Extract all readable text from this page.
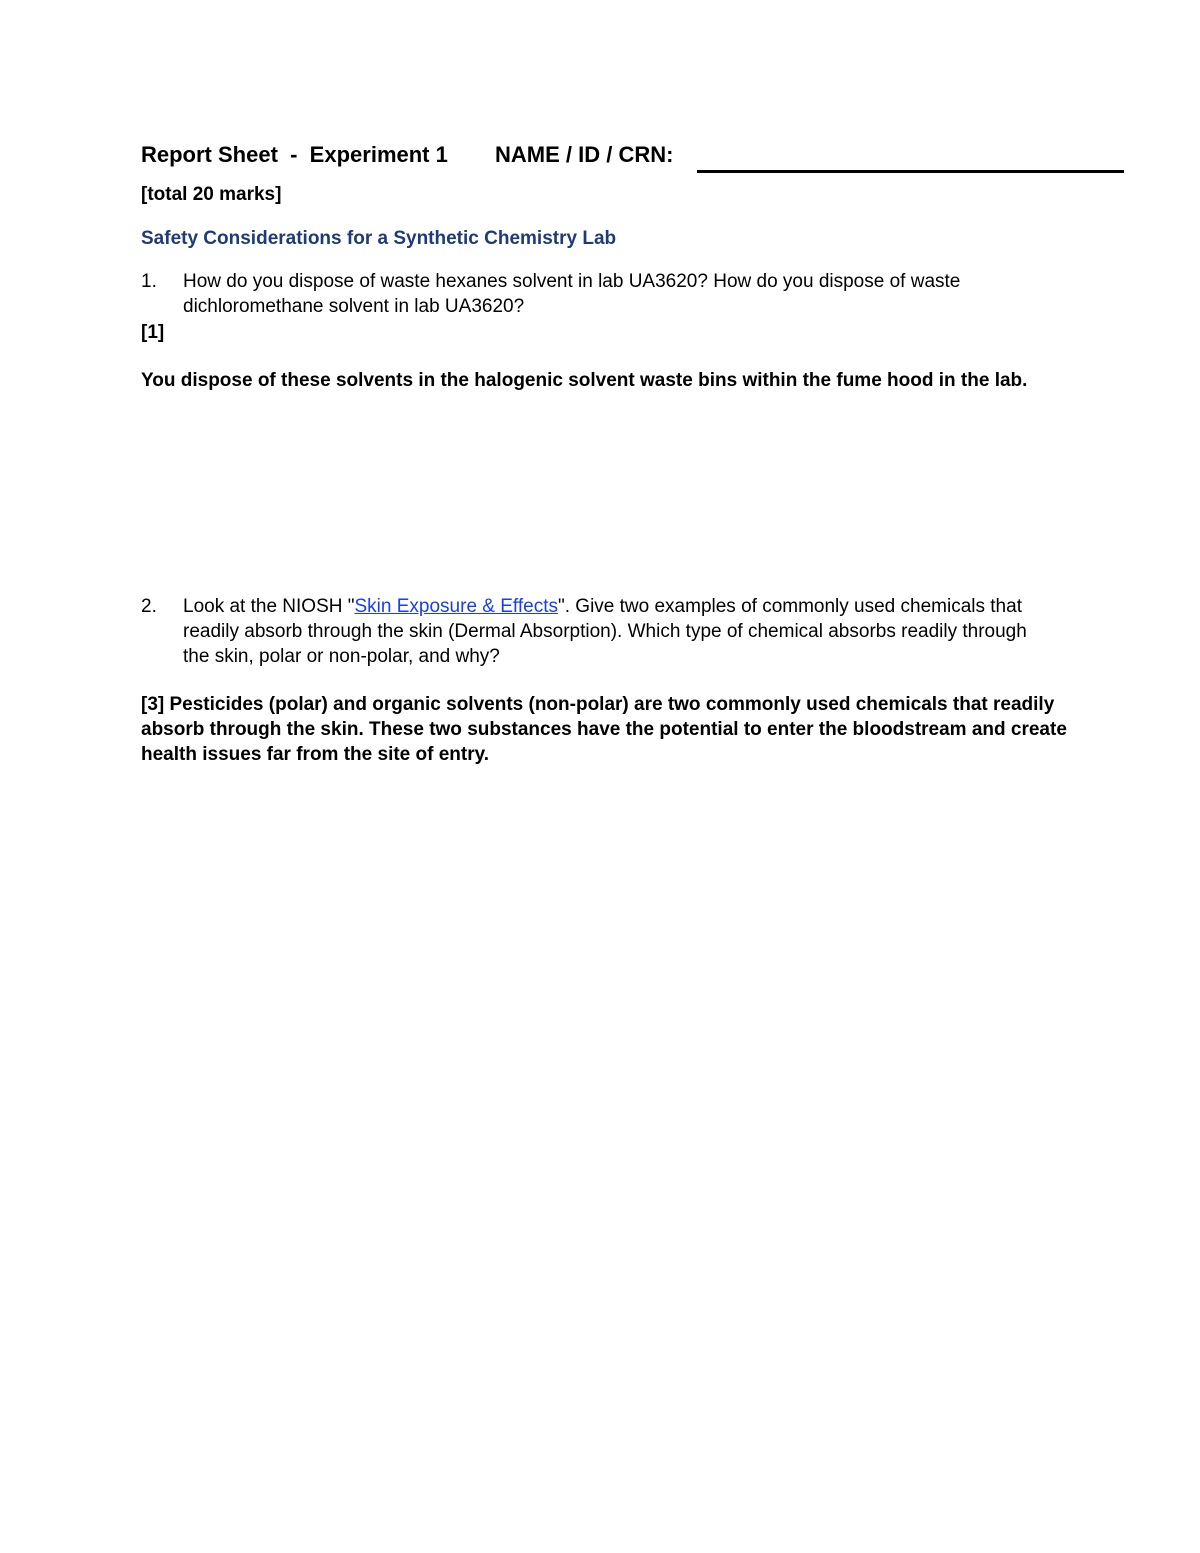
Report Sheet  -  Experiment 1 NAME / ID / CRN:
[total 20 marks]
Safety Considerations for a Synthetic Chemistry Lab
1. How do you dispose of waste hexanes solvent in lab UA3620? How do you dispose of waste dichloromethane solvent in lab UA3620?
[1]
You dispose of these solvents in the halogenic solvent waste bins within the fume hood in the lab.
2. Look at the NIOSH "Skin Exposure & Effects". Give two examples of commonly used chemicals that readily absorb through the skin (Dermal Absorption). Which type of chemical absorbs readily through the skin, polar or non-polar, and why?
[3] Pesticides (polar) and organic solvents (non-polar) are two commonly used chemicals that readily absorb through the skin. These two substances have the potential to enter the bloodstream and create health issues far from the site of entry.
